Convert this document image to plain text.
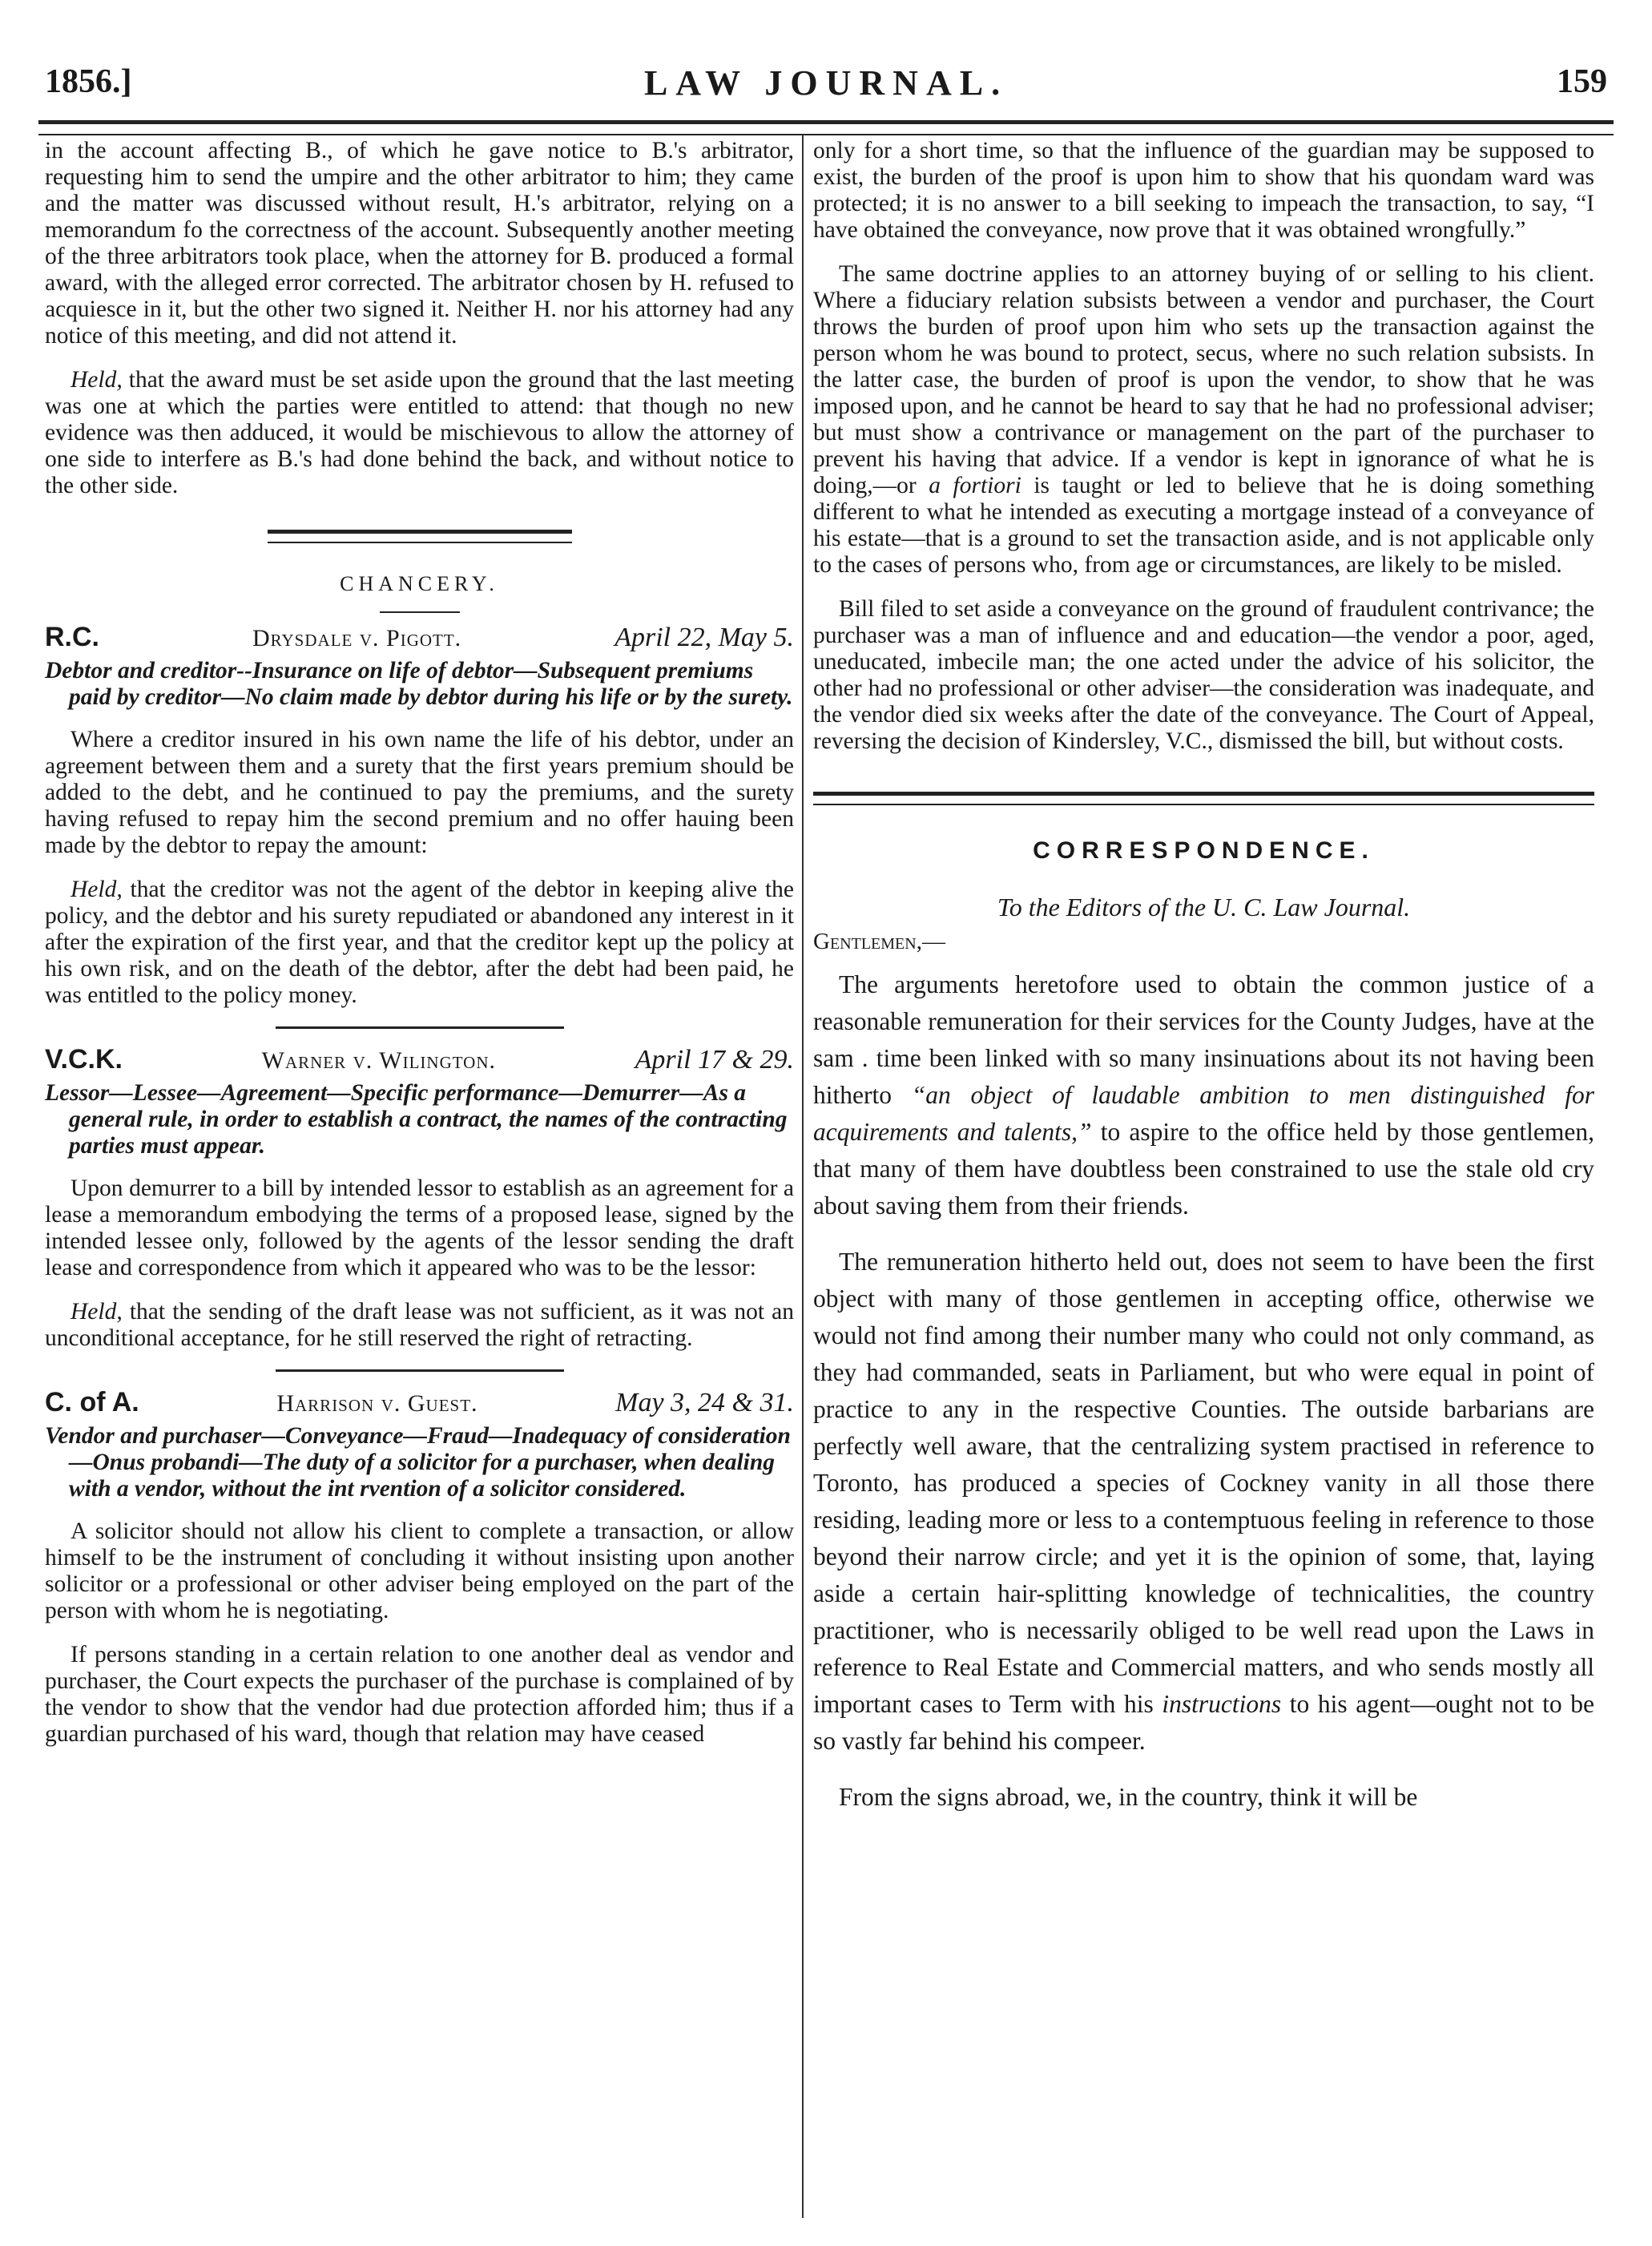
1856.]	LAW JOURNAL.	159

in the account affecting B., of which he gave notice to B.'s arbitrator, requesting him to send the umpire and the other arbitrator to him; they came and the matter was discussed without result, H.'s arbitrator, relying on a memorandum fo the correctness of the account. Subsequently another meeting of the three arbitrators took place, when the attorney for B. produced a formal award, with the alleged error corrected. The arbitrator chosen by H. refused to acquiesce in it, but the other two signed it. Neither H. nor his attorney had any notice of this meeting, and did not attend it.

Held, that the award must be set aside upon the ground that the last meeting was one at which the parties were entitled to attend: that though no new evidence was then adduced, it would be mischievous to allow the attorney of one side to interfere as B.'s had done behind the back, and without notice to the other side.

CHANCERY.
R.C.	Drysdale v. Pigott.	April 22, May 5.

Debtor and creditor--Insurance on life of debtor—Subsequent premiums paid by creditor—No claim made by debtor during his life or by the surety.

Where a creditor insured in his own name the life of his debtor, under an agreement between them and a surety that the first years premium should be added to the debt, and he continued to pay the premiums, and the surety having refused to repay him the second premium and no offer hauing been made by the debtor to repay the amount:

Held, that the creditor was not the agent of the debtor in keeping alive the policy, and the debtor and his surety repudiated or abandoned any interest in it after the expiration of the first year, and that the creditor kept up the policy at his own risk, and on the death of the debtor, after the debt had been paid, he was entitled to the policy money.

V.C.K.	Warner v. Wilington.	April 17 & 29.

Lessor—Lessee—Agreement—Specific performance—Demurrer—As a general rule, in order to establish a contract, the names of the contracting parties must appear.

Upon demurrer to a bill by intended lessor to establish as an agreement for a lease a memorandum embodying the terms of a proposed lease, signed by the intended lessee only, followed by the agents of the lessor sending the draft lease and correspondence from which it appeared who was to be the lessor:

Held, that the sending of the draft lease was not sufficient, as it was not an unconditional acceptance, for he still reserved the right of retracting.

C. of A.	Harrison v. Guest.	May 3, 24 & 31.

Vendor and purchaser—Conveyance—Fraud—Inadequacy of consideration—Onus probandi—The duty of a solicitor for a purchaser, when dealing with a vendor, without the int rvention of a solicitor considered.

A solicitor should not allow his client to complete a transaction, or allow himself to be the instrument of concluding it without insisting upon another solicitor or a professional or other adviser being employed on the part of the person with whom he is negotiating.

If persons standing in a certain relation to one another deal as vendor and purchaser, the Court expects the purchaser of the purchase is complained of by the vendor to show that the vendor had due protection afforded him; thus if a guardian purchased of his ward, though that relation may have ceased

only for a short time, so that the influence of the guardian may be supposed to exist, the burden of the proof is upon him to show that his quondam ward was protected; it is no answer to a bill seeking to impeach the transaction, to say, “I have obtained the conveyance, now prove that it was obtained wrongfully.”

The same doctrine applies to an attorney buying of or selling to his client. Where a fiduciary relation subsists between a vendor and purchaser, the Court throws the burden of proof upon him who sets up the transaction against the person whom he was bound to protect, secus, where no such relation subsists. In the latter case, the burden of proof is upon the vendor, to show that he was imposed upon, and he cannot be heard to say that he had no professional adviser; but must show a contrivance or management on the part of the purchaser to prevent his having that advice. If a vendor is kept in ignorance of what he is doing,—or a fortiori is taught or led to believe that he is doing something different to what he intended as executing a mortgage instead of a conveyance of his estate—that is a ground to set the transaction aside, and is not applicable only to the cases of persons who, from age or circumstances, are likely to be misled.

Bill filed to set aside a conveyance on the ground of fraudulent contrivance; the purchaser was a man of influence and and education—the vendor a poor, aged, uneducated, imbecile man; the one acted under the advice of his solicitor, the other had no professional or other adviser—the consideration was inadequate, and the vendor died six weeks after the date of the conveyance. The Court of Appeal, reversing the decision of Kindersley, V.C., dismissed the bill, but without costs.

CORRESPONDENCE.
To the Editors of the U. C. Law Journal.
Gentlemen,—

The arguments heretofore used to obtain the common justice of a reasonable remuneration for their services for the County Judges, have at the sam . time been linked with so many insinuations about its not having been hitherto “an object of laudable ambition to men distinguished for acquirements and talents,” to aspire to the office held by those gentlemen, that many of them have doubtless been constrained to use the stale old cry about saving them from their friends.

The remuneration hitherto held out, does not seem to have been the first object with many of those gentlemen in accepting office, otherwise we would not find among their number many who could not only command, as they had commanded, seats in Parliament, but who were equal in point of practice to any in the respective Counties. The outside barbarians are perfectly well aware, that the centralizing system practised in reference to Toronto, has produced a species of Cockney vanity in all those there residing, leading more or less to a contemptuous feeling in reference to those beyond their narrow circle; and yet it is the opinion of some, that, laying aside a certain hair-splitting knowledge of technicalities, the country practitioner, who is necessarily obliged to be well read upon the Laws in reference to Real Estate and Commercial matters, and who sends mostly all important cases to Term with his instructions to his agent—ought not to be so vastly far behind his compeer.

From the signs abroad, we, in the country, think it will be
